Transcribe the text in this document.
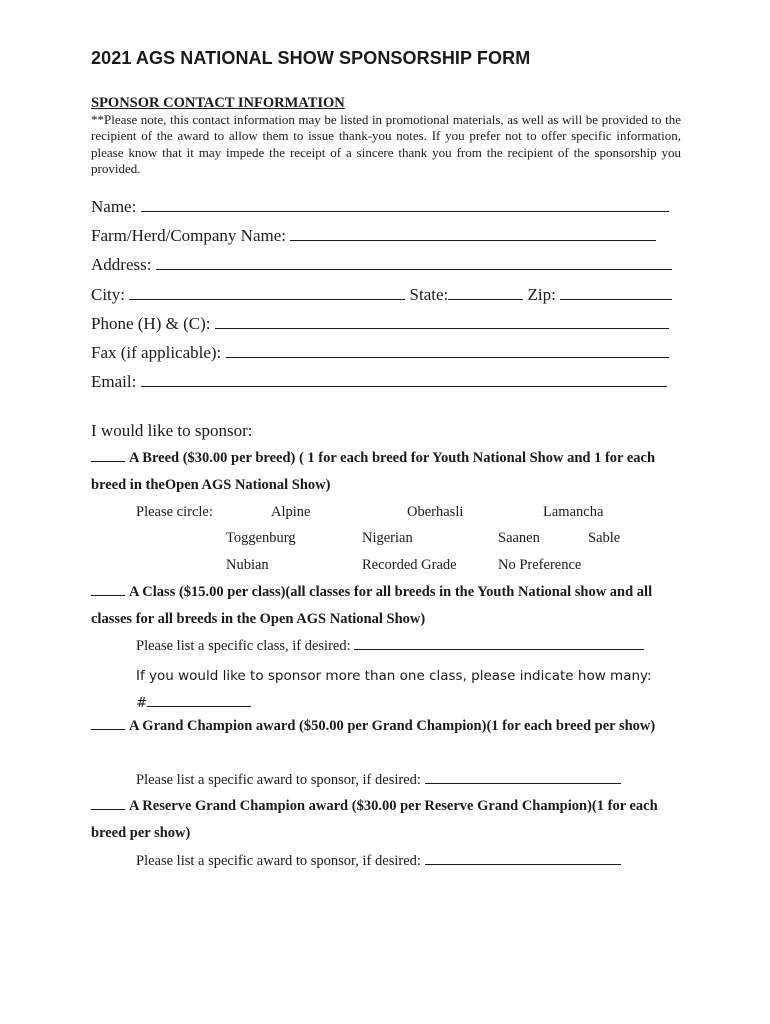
2021 AGS NATIONAL SHOW SPONSORSHIP FORM
SPONSOR CONTACT INFORMATION
**Please note, this contact information may be listed in promotional materials, as well as will be provided to the recipient of the award to allow them to issue thank-you notes. If you prefer not to offer specific information, please know that it may impede the receipt of a sincere thank you from the recipient of the sponsorship you provided.
Name:
Farm/Herd/Company Name:
Address:
City:	State:	Zip:
Phone (H) & (C):
Fax (if applicable):
Email:
I would like to sponsor:
A Breed ($30.00 per breed) ( 1 for each breed for Youth National Show and 1 for each breed in theOpen AGS National Show)
Please circle:	Alpine	Oberhasli	Lamancha
Toggenburg	Nigerian	Saanen	Sable
Nubian	Recorded Grade	No Preference
A Class ($15.00 per class)(all classes for all breeds in the Youth National show and all classes for all breeds in the Open AGS National Show)
Please list a specific class, if desired:
If you would like to sponsor more than one class, please indicate how many:
#
A Grand Champion award ($50.00 per Grand Champion)(1 for each breed per show)
Please list a specific award to sponsor, if desired:
A Reserve Grand Champion award ($30.00 per Reserve Grand Champion)(1 for each breed per show)
Please list a specific award to sponsor, if desired:
